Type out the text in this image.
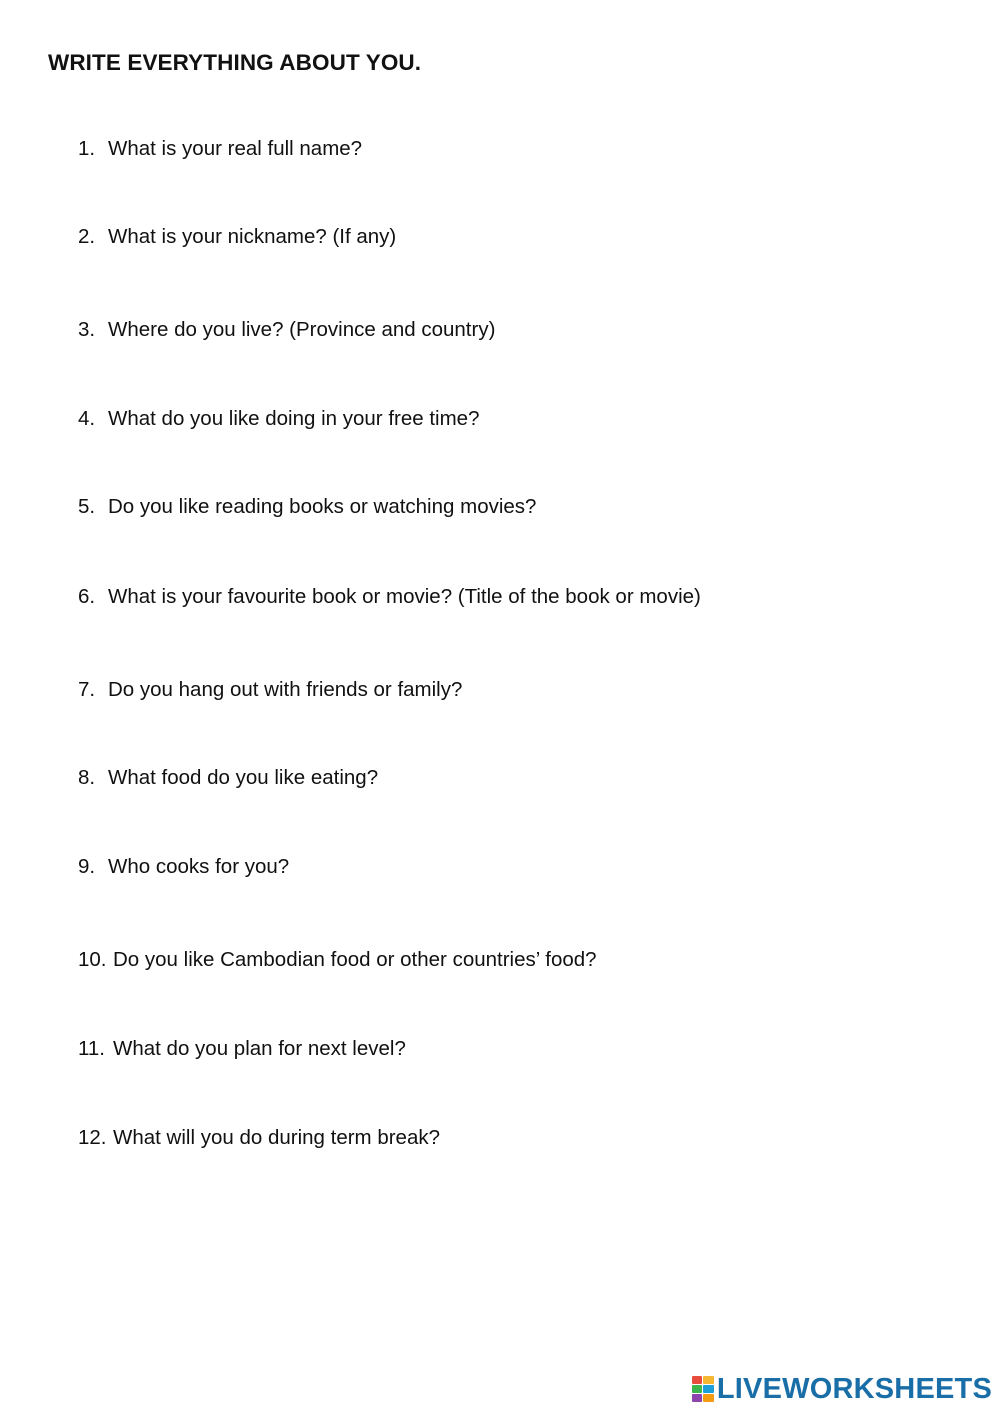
WRITE EVERYTHING ABOUT YOU.
1. What is your real full name?
2. What is your nickname? (If any)
3. Where do you live? (Province and country)
4. What do you like doing in your free time?
5. Do you like reading books or watching movies?
6. What is your favourite book or movie? (Title of the book or movie)
7. Do you hang out with friends or family?
8. What food do you like eating?
9. Who cooks for you?
10. Do you like Cambodian food or other countries’ food?
11. What do you plan for next level?
12. What will you do during term break?
LIVEWORKSHEETS
